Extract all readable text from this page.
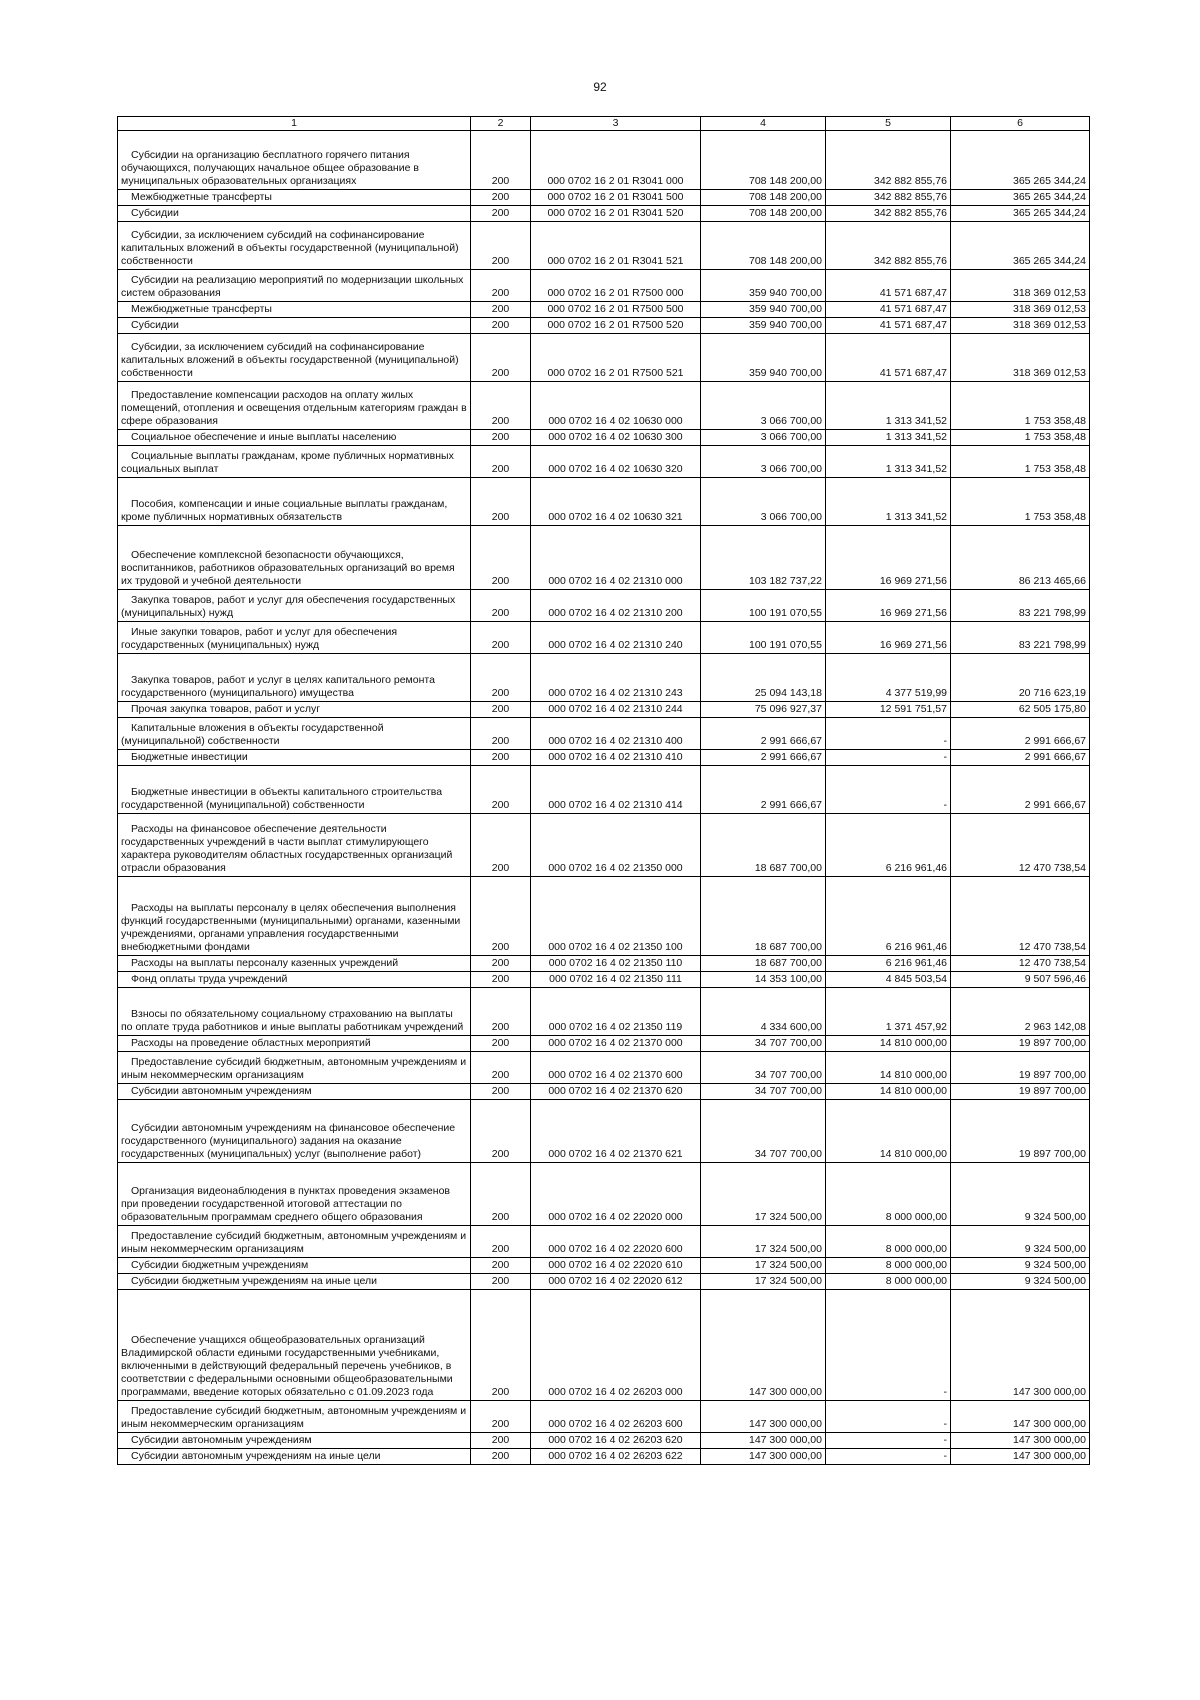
92
1	2	3	4	5	6

Субсидии на организацию бесплатного горячего питания обучающихся, получающих начальное общее образование в муниципальных образовательных организациях	200	000 0702 16 2 01 R3041 000	708 148 200,00	342 882 855,76	365 265 344,24

Межбюджетные трансферты	200	000 0702 16 2 01 R3041 500	708 148 200,00	342 882 855,76	365 265 344,24

Субсидии	200	000 0702 16 2 01 R3041 520	708 148 200,00	342 882 855,76	365 265 344,24

Субсидии, за исключением субсидий на софинансирование капитальных вложений в объекты государственной (муниципальной) собственности	200	000 0702 16 2 01 R3041 521	708 148 200,00	342 882 855,76	365 265 344,24

Субсидии на реализацию мероприятий по модернизации школьных систем образования	200	000 0702 16 2 01 R7500 000	359 940 700,00	41 571 687,47	318 369 012,53

Межбюджетные трансферты	200	000 0702 16 2 01 R7500 500	359 940 700,00	41 571 687,47	318 369 012,53

Субсидии	200	000 0702 16 2 01 R7500 520	359 940 700,00	41 571 687,47	318 369 012,53

Субсидии, за исключением субсидий на софинансирование капитальных вложений в объекты государственной (муниципальной) собственности	200	000 0702 16 2 01 R7500 521	359 940 700,00	41 571 687,47	318 369 012,53

Предоставление компенсации расходов на оплату жилых помещений, отопления и освещения отдельным категориям граждан в сфере образования	200	000 0702 16 4 02 10630 000	3 066 700,00	1 313 341,52	1 753 358,48

Социальное обеспечение и иные выплаты населению	200	000 0702 16 4 02 10630 300	3 066 700,00	1 313 341,52	1 753 358,48

Социальные выплаты гражданам, кроме публичных нормативных социальных выплат	200	000 0702 16 4 02 10630 320	3 066 700,00	1 313 341,52	1 753 358,48

Пособия, компенсации и иные социальные выплаты гражданам, кроме публичных нормативных обязательств	200	000 0702 16 4 02 10630 321	3 066 700,00	1 313 341,52	1 753 358,48

Обеспечение комплексной безопасности обучающихся, воспитанников, работников образовательных организаций во время их трудовой и учебной деятельности	200	000 0702 16 4 02 21310 000	103 182 737,22	16 969 271,56	86 213 465,66

Закупка товаров, работ и услуг для обеспечения государственных (муниципальных) нужд	200	000 0702 16 4 02 21310 200	100 191 070,55	16 969 271,56	83 221 798,99

Иные закупки товаров, работ и услуг для обеспечения государственных (муниципальных) нужд	200	000 0702 16 4 02 21310 240	100 191 070,55	16 969 271,56	83 221 798,99

Закупка товаров, работ и услуг в целях капитального ремонта государственного (муниципального) имущества	200	000 0702 16 4 02 21310 243	25 094 143,18	4 377 519,99	20 716 623,19

Прочая закупка товаров, работ и услуг	200	000 0702 16 4 02 21310 244	75 096 927,37	12 591 751,57	62 505 175,80

Капитальные вложения в объекты государственной (муниципальной) собственности	200	000 0702 16 4 02 21310 400	2 991 666,67	-	2 991 666,67

Бюджетные инвестиции	200	000 0702 16 4 02 21310 410	2 991 666,67	-	2 991 666,67

Бюджетные инвестиции в объекты капитального строительства государственной (муниципальной) собственности	200	000 0702 16 4 02 21310 414	2 991 666,67	-	2 991 666,67

Расходы на финансовое обеспечение деятельности государственных учреждений в части выплат стимулирующего характера руководителям областных государственных организаций отрасли образования	200	000 0702 16 4 02 21350 000	18 687 700,00	6 216 961,46	12 470 738,54

Расходы на выплаты персоналу в целях обеспечения выполнения функций государственными (муниципальными) органами, казенными учреждениями, органами управления государственными внебюджетными фондами	200	000 0702 16 4 02 21350 100	18 687 700,00	6 216 961,46	12 470 738,54

Расходы на выплаты персоналу казенных учреждений	200	000 0702 16 4 02 21350 110	18 687 700,00	6 216 961,46	12 470 738,54

Фонд оплаты труда учреждений	200	000 0702 16 4 02 21350 111	14 353 100,00	4 845 503,54	9 507 596,46

Взносы по обязательному социальному страхованию на выплаты по оплате труда работников и иные выплаты работникам учреждений	200	000 0702 16 4 02 21350 119	4 334 600,00	1 371 457,92	2 963 142,08

Расходы на проведение областных мероприятий	200	000 0702 16 4 02 21370 000	34 707 700,00	14 810 000,00	19 897 700,00

Предоставление субсидий бюджетным, автономным учреждениям и иным некоммерческим организациям	200	000 0702 16 4 02 21370 600	34 707 700,00	14 810 000,00	19 897 700,00

Субсидии автономным учреждениям	200	000 0702 16 4 02 21370 620	34 707 700,00	14 810 000,00	19 897 700,00

Субсидии автономным учреждениям на финансовое обеспечение государственного (муниципального) задания на оказание государственных (муниципальных) услуг (выполнение работ)	200	000 0702 16 4 02 21370 621	34 707 700,00	14 810 000,00	19 897 700,00

Организация видеонаблюдения в пунктах проведения экзаменов при проведении государственной итоговой аттестации по образовательным программам среднего общего образования	200	000 0702 16 4 02 22020 000	17 324 500,00	8 000 000,00	9 324 500,00

Предоставление субсидий бюджетным, автономным учреждениям и иным некоммерческим организациям	200	000 0702 16 4 02 22020 600	17 324 500,00	8 000 000,00	9 324 500,00

Субсидии бюджетным учреждениям	200	000 0702 16 4 02 22020 610	17 324 500,00	8 000 000,00	9 324 500,00

Субсидии бюджетным учреждениям на иные цели	200	000 0702 16 4 02 22020 612	17 324 500,00	8 000 000,00	9 324 500,00

Обеспечение учащихся общеобразовательных организаций Владимирской области едиными государственными учебниками, включенными в действующий федеральный перечень учебников, в соответствии с федеральными основными общеобразовательными программами, введение которых обязательно с 01.09.2023 года	200	000 0702 16 4 02 26203 000	147 300 000,00	-	147 300 000,00

Предоставление субсидий бюджетным, автономным учреждениям и иным некоммерческим организациям	200	000 0702 16 4 02 26203 600	147 300 000,00	-	147 300 000,00

Субсидии автономным учреждениям	200	000 0702 16 4 02 26203 620	147 300 000,00	-	147 300 000,00

Субсидии автономным учреждениям на иные цели	200	000 0702 16 4 02 26203 622	147 300 000,00	-	147 300 000,00
